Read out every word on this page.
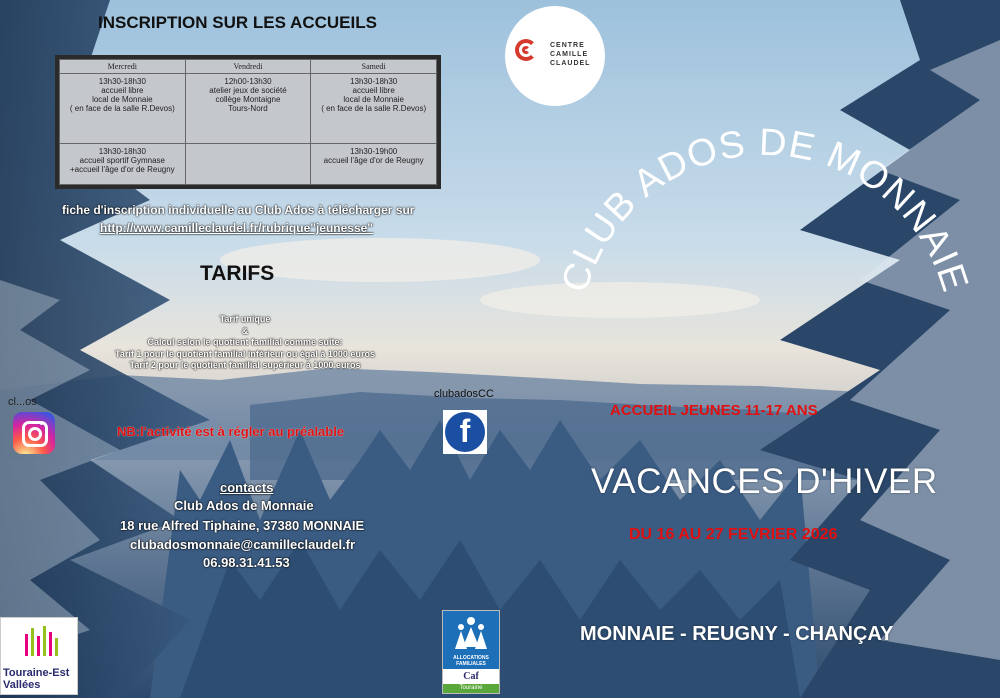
INSCRIPTION SUR LES ACCUEILS
Mercredi	Vendredi	Samedi
13h30-18h30
accueil libre
local de Monnaie
( en face de la salle R.Devos)	12h00-13h30
atelier jeux de société
collège Montaigne
Tours-Nord	13h30-18h30
accueil libre
local de Monnaie
( en face de la salle R.Devos)
13h30-18h30
accueil sportif Gymnase
+accueil l'âge d'or de Reugny		13h30-19h00
accueil l'âge d'or de Reugny
fiche d'inscription individuelle au Club Ados à télécharger sur
http://www.camilleclaudel.fr/rubrique"jeunesse"
TARIFS
Tarif unique
&
Calcul selon le quotient familial comme suite:
Tarif 1 pour le quotient familial inférieur ou égal à 1000 euros
Tarif 2 pour le quotient familial supérieur à 1000 euros
cl...os
NB:l'activité est à régler au préalable
clubadosCC
f
contacts
Club Ados de Monnaie
18 rue Alfred Tiphaine, 37380 MONNAIE
clubadosmonnaie@camilleclaudel.fr
06.98.31.41.53
Touraine-Est
Vallées
ALLOCATIONS FAMILIALES
Caf
Touraine
CENTRE
CAMILLE
CLAUDEL
CLUB ADOS DE MONNAIE
ACCUEIL JEUNES 11-17 ANS
VACANCES D'HIVER
DU 16 AU 27 FEVRIER 2026
MONNAIE - REUGNY - CHANÇAY
